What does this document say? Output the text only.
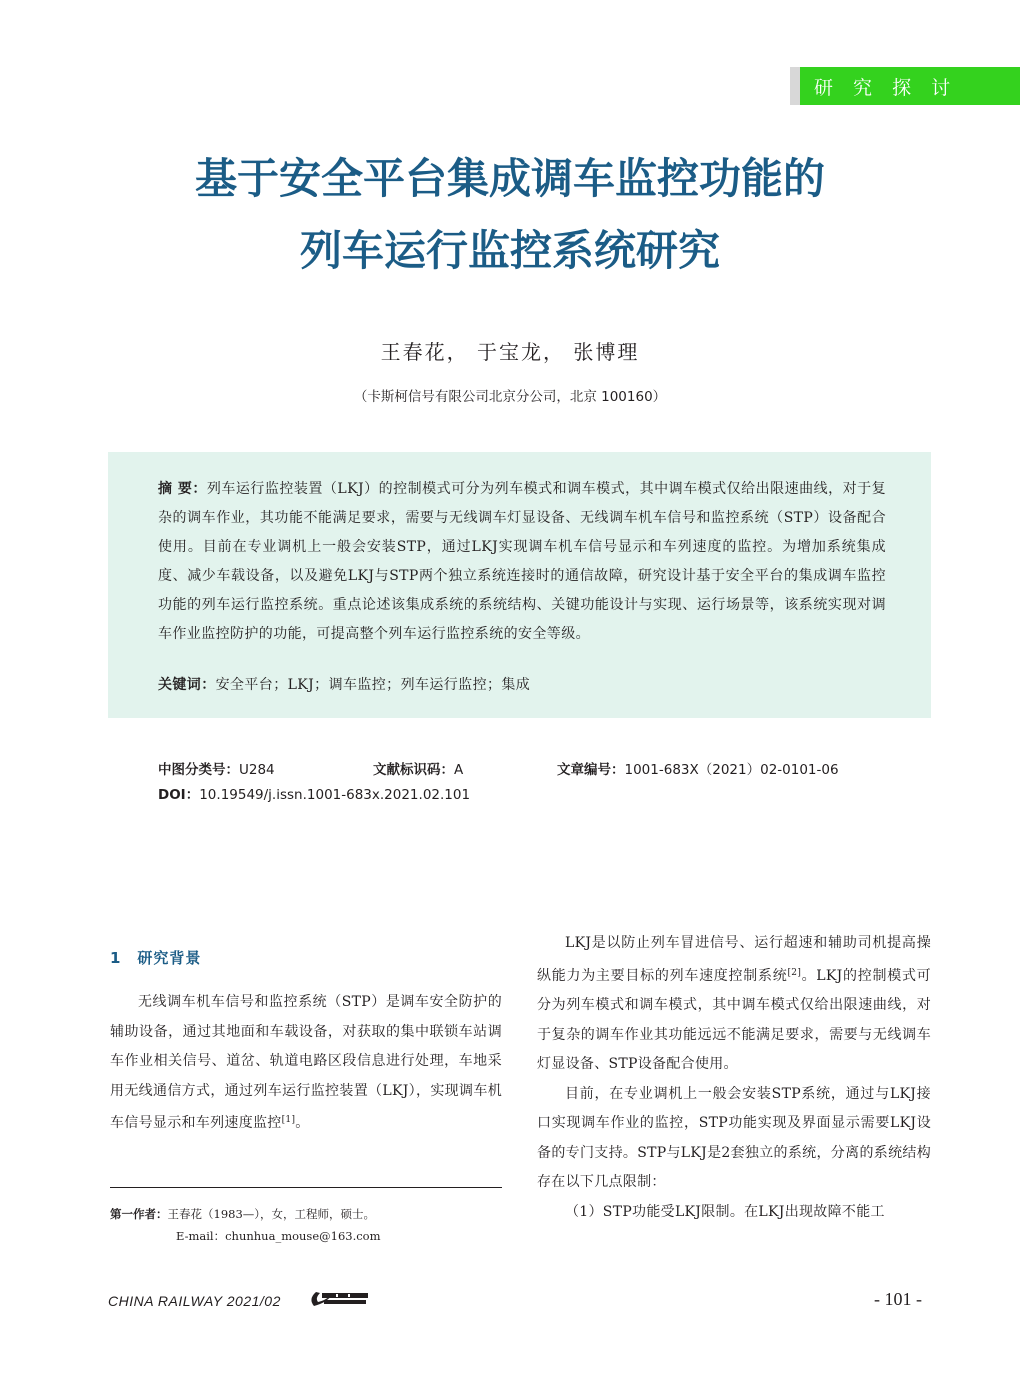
研 究 探 讨
基于安全平台集成调车监控功能的
列车运行监控系统研究
王春花， 于宝龙， 张博理
（卡斯柯信号有限公司北京分公司，北京 100160）
摘 要：列车运行监控装置（LKJ）的控制模式可分为列车模式和调车模式，其中调车模式仅给出限速曲线，对于复杂的调车作业，其功能不能满足要求，需要与无线调车灯显设备、无线调车机车信号和监控系统（STP）设备配合使用。目前在专业调机上一般会安装STP，通过LKJ实现调车机车信号显示和车列速度的监控。为增加系统集成度、减少车载设备，以及避免LKJ与STP两个独立系统连接时的通信故障，研究设计基于安全平台的集成调车监控功能的列车运行监控系统。重点论述该集成系统的系统结构、关键功能设计与实现、运行场景等，该系统实现对调车作业监控防护的功能，可提高整个列车运行监控系统的安全等级。
关键词：安全平台；LKJ；调车监控；列车运行监控；集成
中图分类号：U284	文献标识码：A	文章编号：1001-683X（2021）02-0101-06
DOI：10.19549/j.issn.1001-683x.2021.02.101
1　研究背景

无线调车机车信号和监控系统（STP）是调车安全防护的辅助设备，通过其地面和车载设备，对获取的集中联锁车站调车作业相关信号、道岔、轨道电路区段信息进行处理，车地采用无线通信方式，通过列车运行监控装置（LKJ），实现调车机车信号显示和车列速度监控[1]。

第一作者：王春花（1983—），女，工程师，硕士。
E-mail：chunhua_mouse@163.com

LKJ是以防止列车冒进信号、运行超速和辅助司机提高操纵能力为主要目标的列车速度控制系统[2]。LKJ的控制模式可分为列车模式和调车模式，其中调车模式仅给出限速曲线，对于复杂的调车作业其功能远远不能满足要求，需要与无线调车灯显设备、STP设备配合使用。

目前，在专业调机上一般会安装STP系统，通过与LKJ接口实现调车作业的监控，STP功能实现及界面显示需要LKJ设备的专门支持。STP与LKJ是2套独立的系统，分离的系统结构存在以下几点限制：

（1）STP功能受LKJ限制。在LKJ出现故障不能工

CHINA RAILWAY 2021/02	- 101 -
